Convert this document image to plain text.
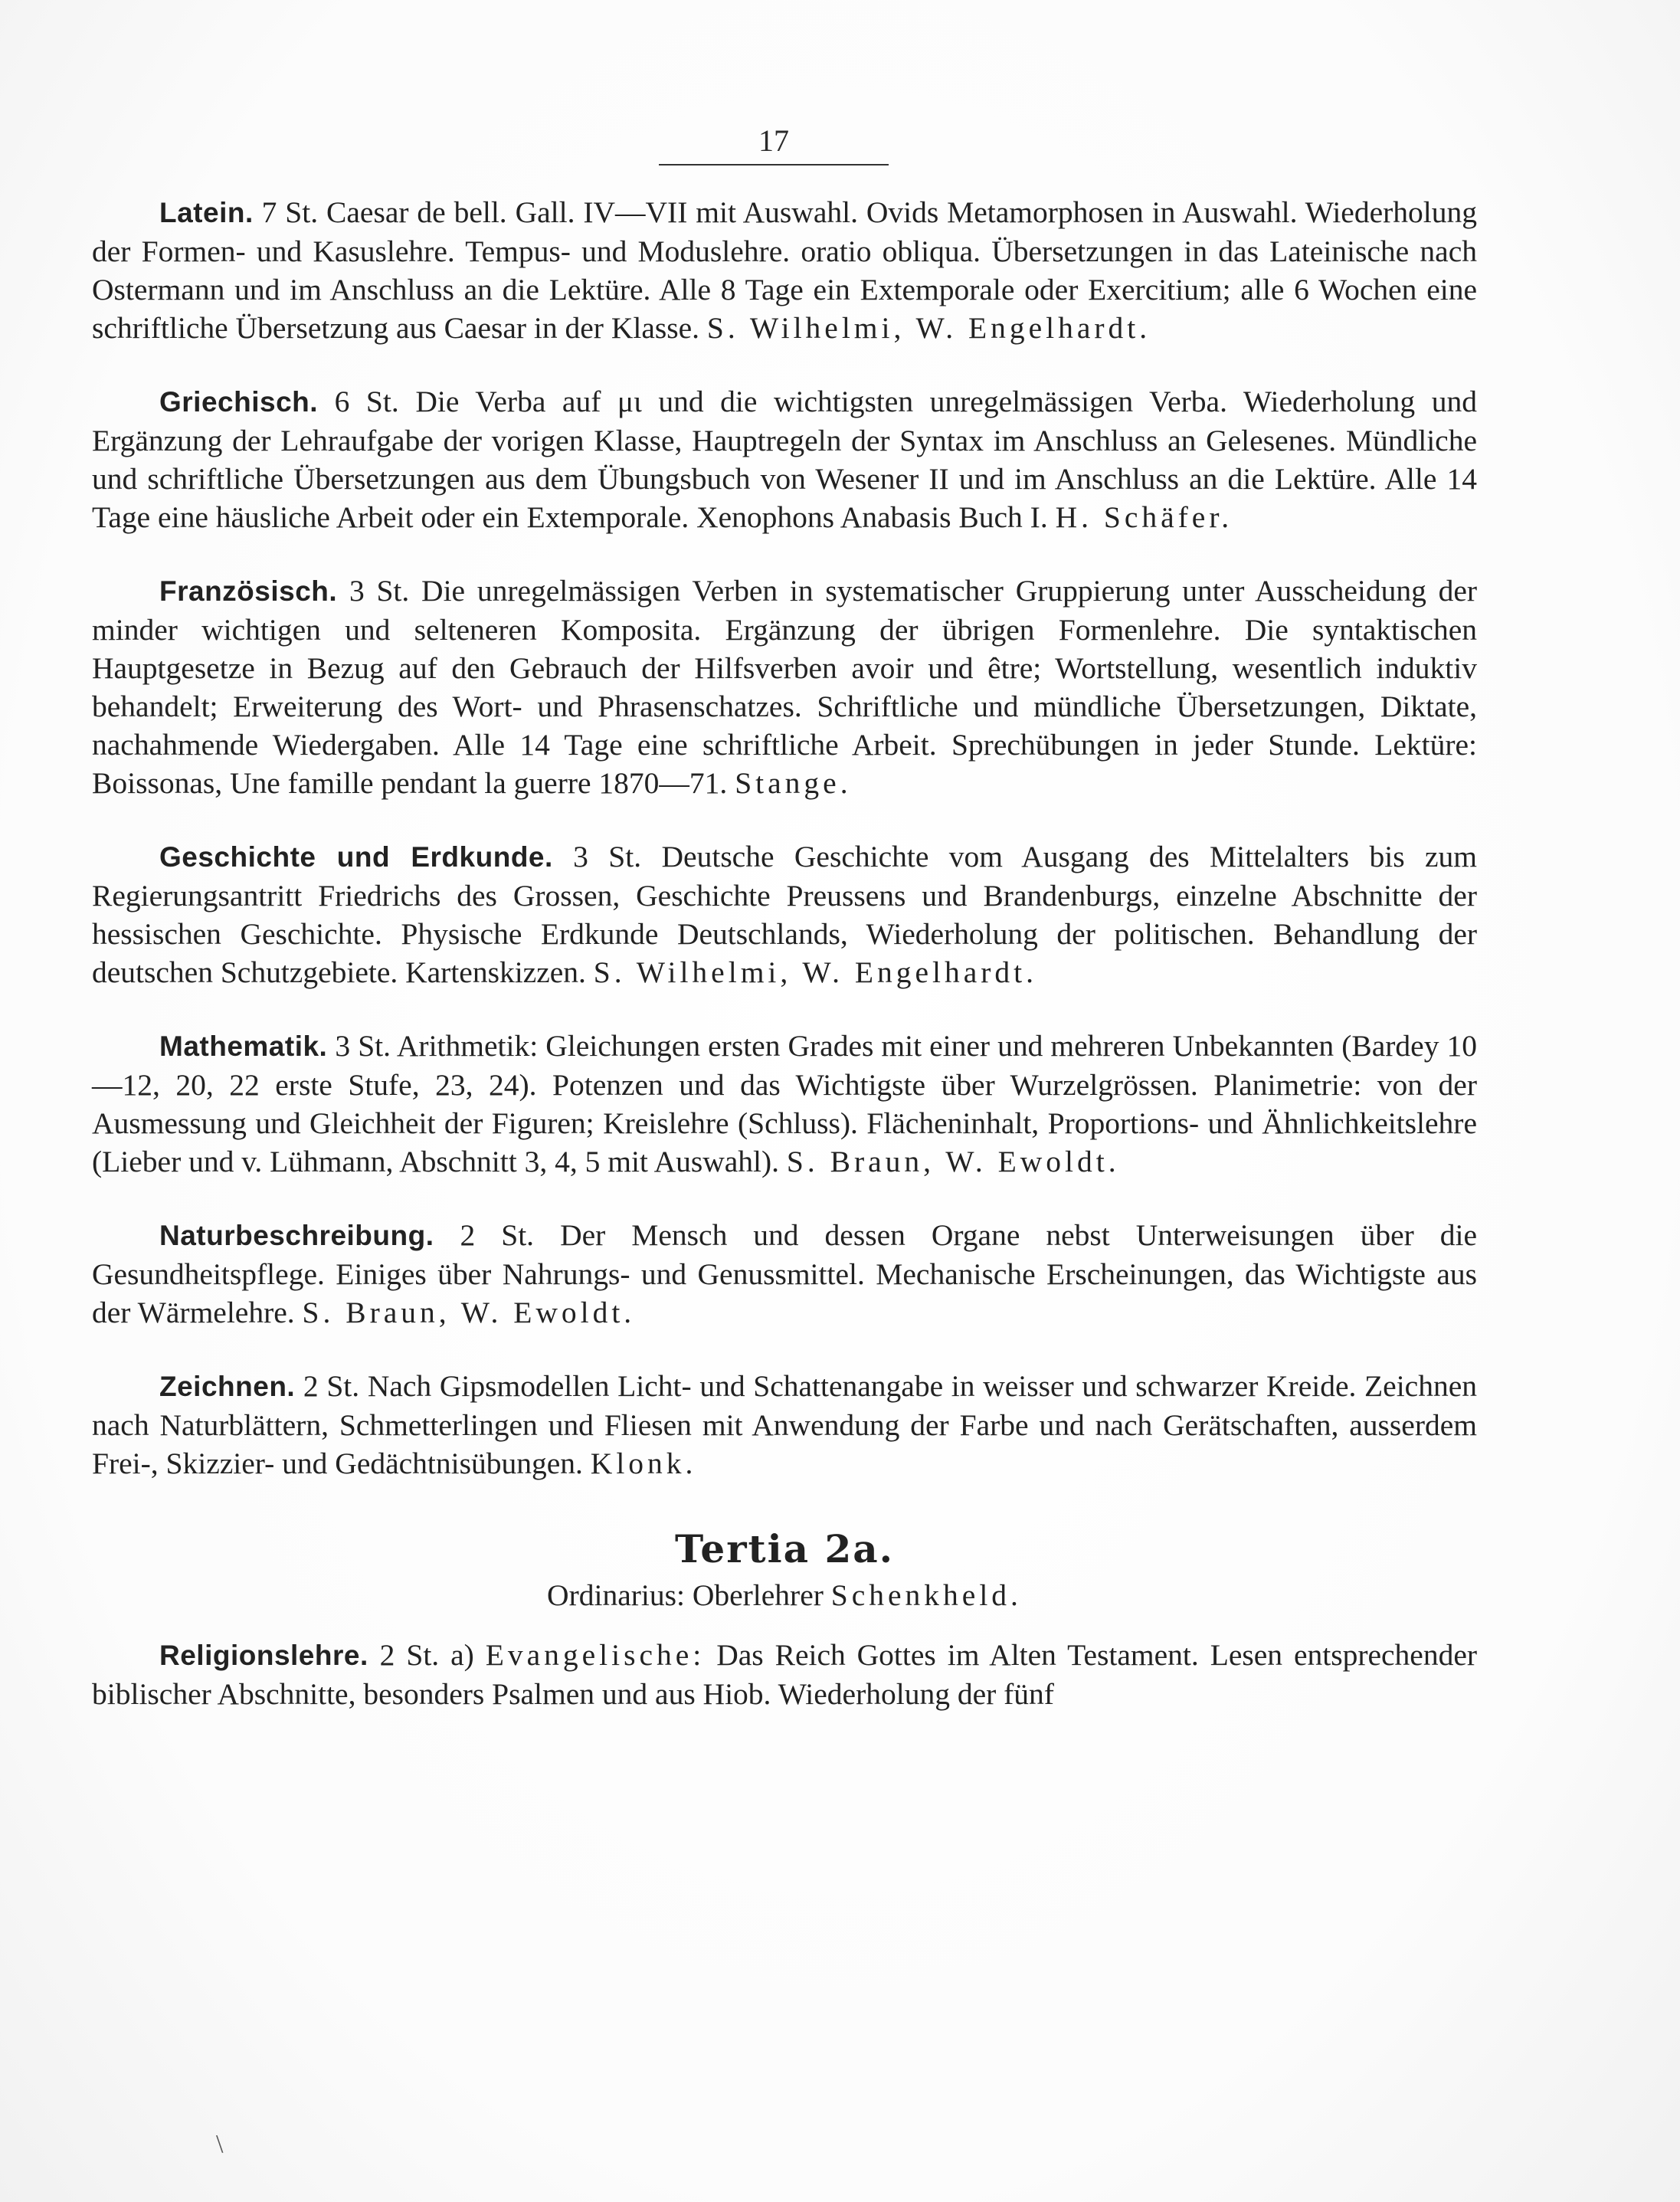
17

Latein. 7 St. Caesar de bell. Gall. IV—VII mit Auswahl. Ovids Metamorphosen in Auswahl. Wiederholung der Formen- und Kasuslehre. Tempus- und Moduslehre. oratio obliqua. Übersetzungen in das Lateinische nach Ostermann und im Anschluss an die Lektüre. Alle 8 Tage ein Extemporale oder Exercitium; alle 6 Wochen eine schriftliche Übersetzung aus Caesar in der Klasse. S. Wilhelmi, W. Engelhardt.

Griechisch. 6 St. Die Verba auf μι und die wichtigsten unregelmässigen Verba. Wiederholung und Ergänzung der Lehraufgabe der vorigen Klasse, Hauptregeln der Syntax im Anschluss an Gelesenes. Mündliche und schriftliche Übersetzungen aus dem Übungsbuch von Wesener II und im Anschluss an die Lektüre. Alle 14 Tage eine häusliche Arbeit oder ein Extemporale. Xenophons Anabasis Buch I. H. Schäfer.

Französisch. 3 St. Die unregelmässigen Verben in systematischer Gruppierung unter Ausscheidung der minder wichtigen und selteneren Komposita. Ergänzung der übrigen Formenlehre. Die syntaktischen Hauptgesetze in Bezug auf den Gebrauch der Hilfsverben avoir und être; Wortstellung, wesentlich induktiv behandelt; Erweiterung des Wort- und Phrasenschatzes. Schriftliche und mündliche Übersetzungen, Diktate, nachahmende Wiedergaben. Alle 14 Tage eine schriftliche Arbeit. Sprechübungen in jeder Stunde. Lektüre: Boissonas, Une famille pendant la guerre 1870—71. Stange.

Geschichte und Erdkunde. 3 St. Deutsche Geschichte vom Ausgang des Mittelalters bis zum Regierungsantritt Friedrichs des Grossen, Geschichte Preussens und Brandenburgs, einzelne Abschnitte der hessischen Geschichte. Physische Erdkunde Deutschlands, Wiederholung der politischen. Behandlung der deutschen Schutzgebiete. Kartenskizzen. S. Wilhelmi, W. Engelhardt.

Mathematik. 3 St. Arithmetik: Gleichungen ersten Grades mit einer und mehreren Unbekannten (Bardey 10—12, 20, 22 erste Stufe, 23, 24). Potenzen und das Wichtigste über Wurzelgrössen. Planimetrie: von der Ausmessung und Gleichheit der Figuren; Kreislehre (Schluss). Flächeninhalt, Proportions- und Ähnlichkeitslehre (Lieber und v. Lühmann, Abschnitt 3, 4, 5 mit Auswahl). S. Braun, W. Ewoldt.

Naturbeschreibung. 2 St. Der Mensch und dessen Organe nebst Unterweisungen über die Gesundheitspflege. Einiges über Nahrungs- und Genussmittel. Mechanische Erscheinungen, das Wichtigste aus der Wärmelehre. S. Braun, W. Ewoldt.

Zeichnen. 2 St. Nach Gipsmodellen Licht- und Schattenangabe in weisser und schwarzer Kreide. Zeichnen nach Naturblättern, Schmetterlingen und Fliesen mit Anwendung der Farbe und nach Gerätschaften, ausserdem Frei-, Skizzier- und Gedächtnisübungen. Klonk.

Tertia 2a.
Ordinarius: Oberlehrer Schenkheld.

Religionslehre. 2 St. a) Evangelische: Das Reich Gottes im Alten Testament. Lesen entsprechender biblischer Abschnitte, besonders Psalmen und aus Hiob. Wiederholung der fünf

\
